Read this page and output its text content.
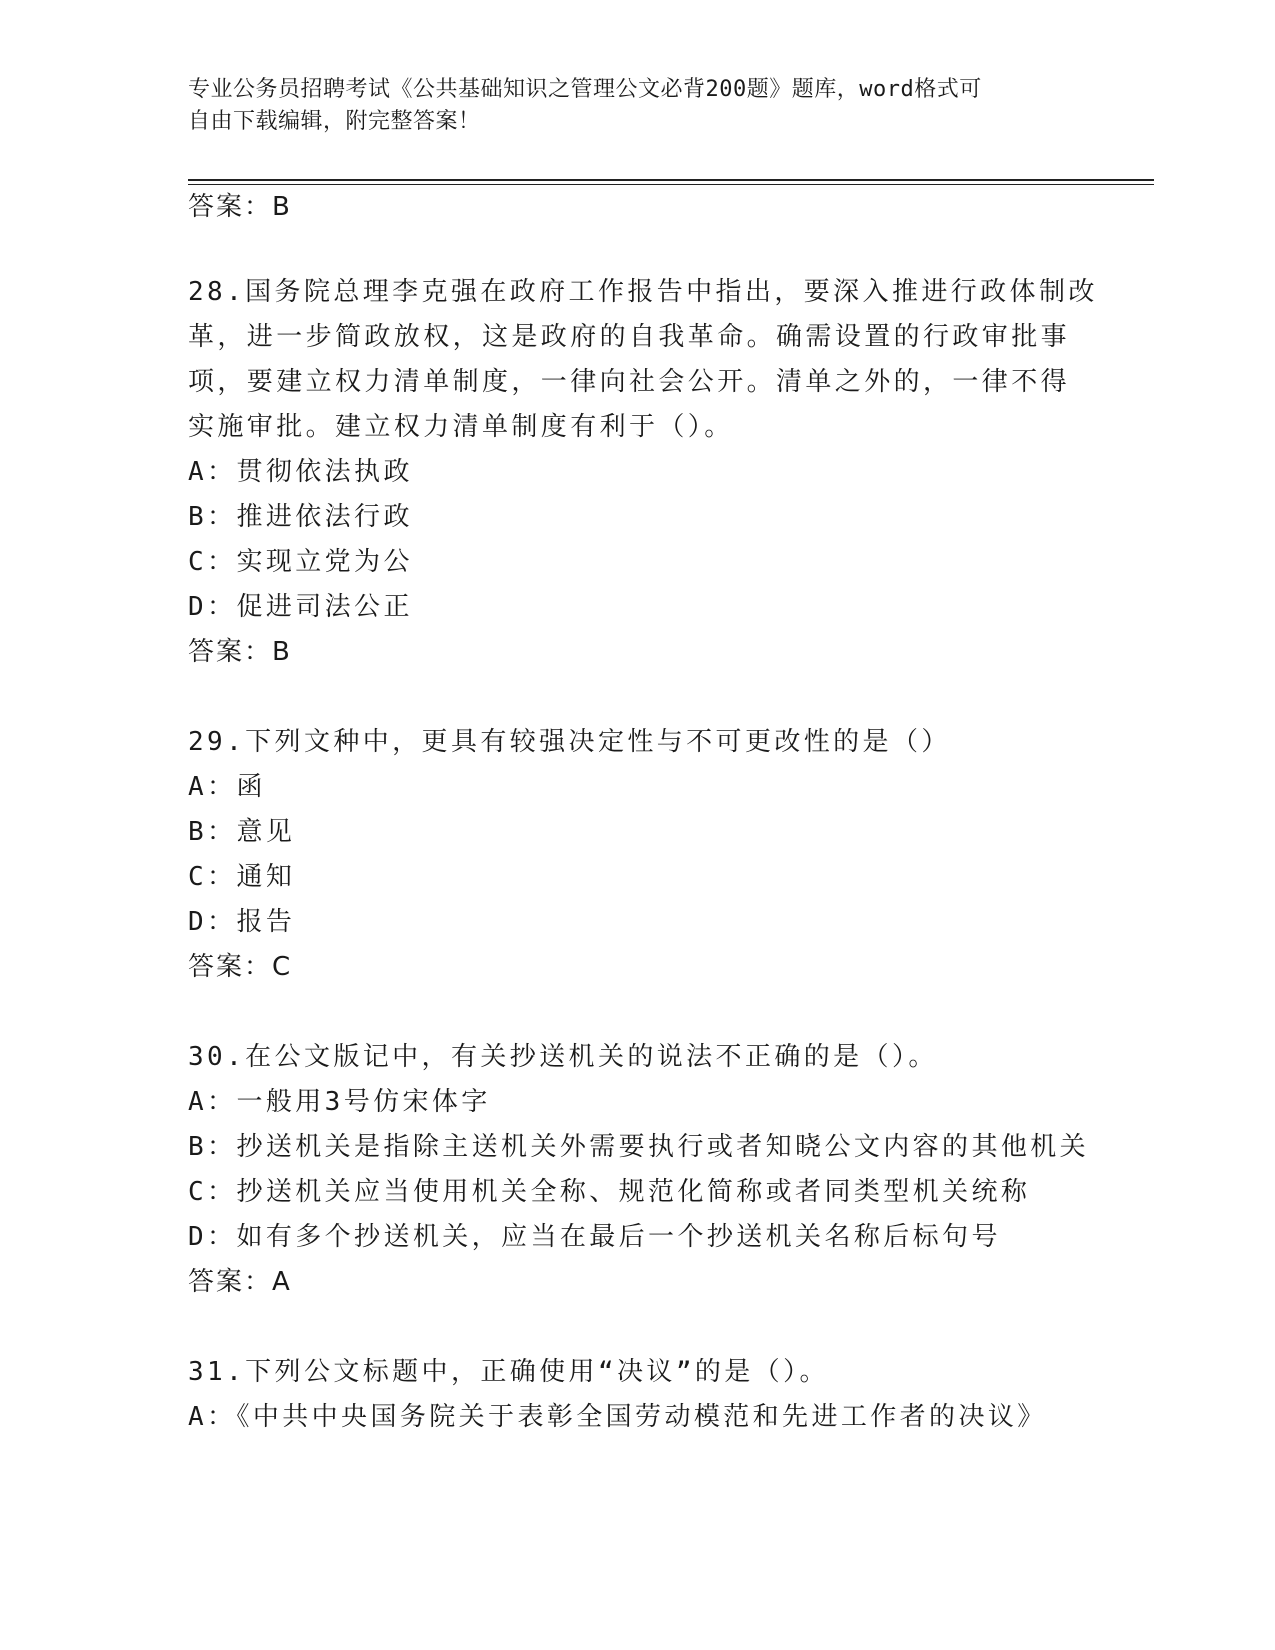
专业公务员招聘考试《公共基础知识之管理公文必背200题》题库，word格式可
自由下载编辑，附完整答案！
答案：B
28.国务院总理李克强在政府工作报告中指出，要深入推进行政体制改
革，进一步简政放权，这是政府的自我革命。确需设置的行政审批事
项，要建立权力清单制度，一律向社会公开。清单之外的，一律不得
实施审批。建立权力清单制度有利于（）。
A：贯彻依法执政
B：推进依法行政
C：实现立党为公
D：促进司法公正
答案：B
29.下列文种中，更具有较强决定性与不可更改性的是（）
A：函
B：意见
C：通知
D：报告
答案：C
30.在公文版记中，有关抄送机关的说法不正确的是（）。
A：一般用3号仿宋体字
B：抄送机关是指除主送机关外需要执行或者知晓公文内容的其他机关
C：抄送机关应当使用机关全称、规范化简称或者同类型机关统称
D：如有多个抄送机关，应当在最后一个抄送机关名称后标句号
答案：A
31.下列公文标题中，正确使用“决议”的是（）。
A：《中共中央国务院关于表彰全国劳动模范和先进工作者的决议》
